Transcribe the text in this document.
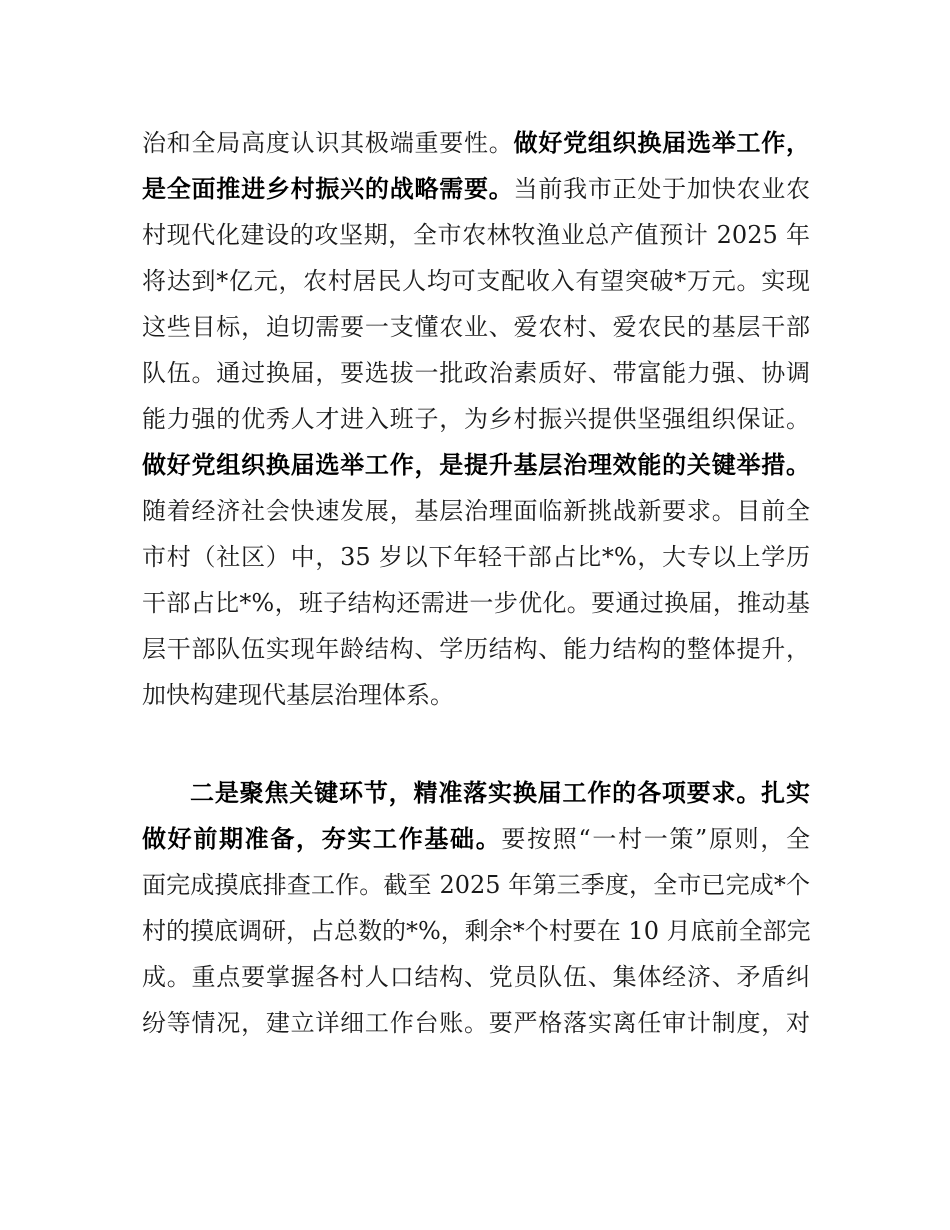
治和全局高度认识其极端重要性。做好党组织换届选举工作，
是全面推进乡村振兴的战略需要。当前我市正处于加快农业农
村现代化建设的攻坚期，全市农林牧渔业总产值预计 2025 年
将达到*亿元，农村居民人均可支配收入有望突破*万元。实现
这些目标，迫切需要一支懂农业、爱农村、爱农民的基层干部
队伍。通过换届，要选拔一批政治素质好、带富能力强、协调
能力强的优秀人才进入班子，为乡村振兴提供坚强组织保证。
做好党组织换届选举工作，是提升基层治理效能的关键举措。
随着经济社会快速发展，基层治理面临新挑战新要求。目前全
市村（社区）中，35 岁以下年轻干部占比*%，大专以上学历
干部占比*%，班子结构还需进一步优化。要通过换届，推动基
层干部队伍实现年龄结构、学历结构、能力结构的整体提升，
加快构建现代基层治理体系。
二是聚焦关键环节，精准落实换届工作的各项要求。扎实
做好前期准备，夯实工作基础。要按照“一村一策”原则，全
面完成摸底排查工作。截至 2025 年第三季度，全市已完成*个
村的摸底调研，占总数的*%，剩余*个村要在 10 月底前全部完
成。重点要掌握各村人口结构、党员队伍、集体经济、矛盾纠
纷等情况，建立详细工作台账。要严格落实离任审计制度，对
